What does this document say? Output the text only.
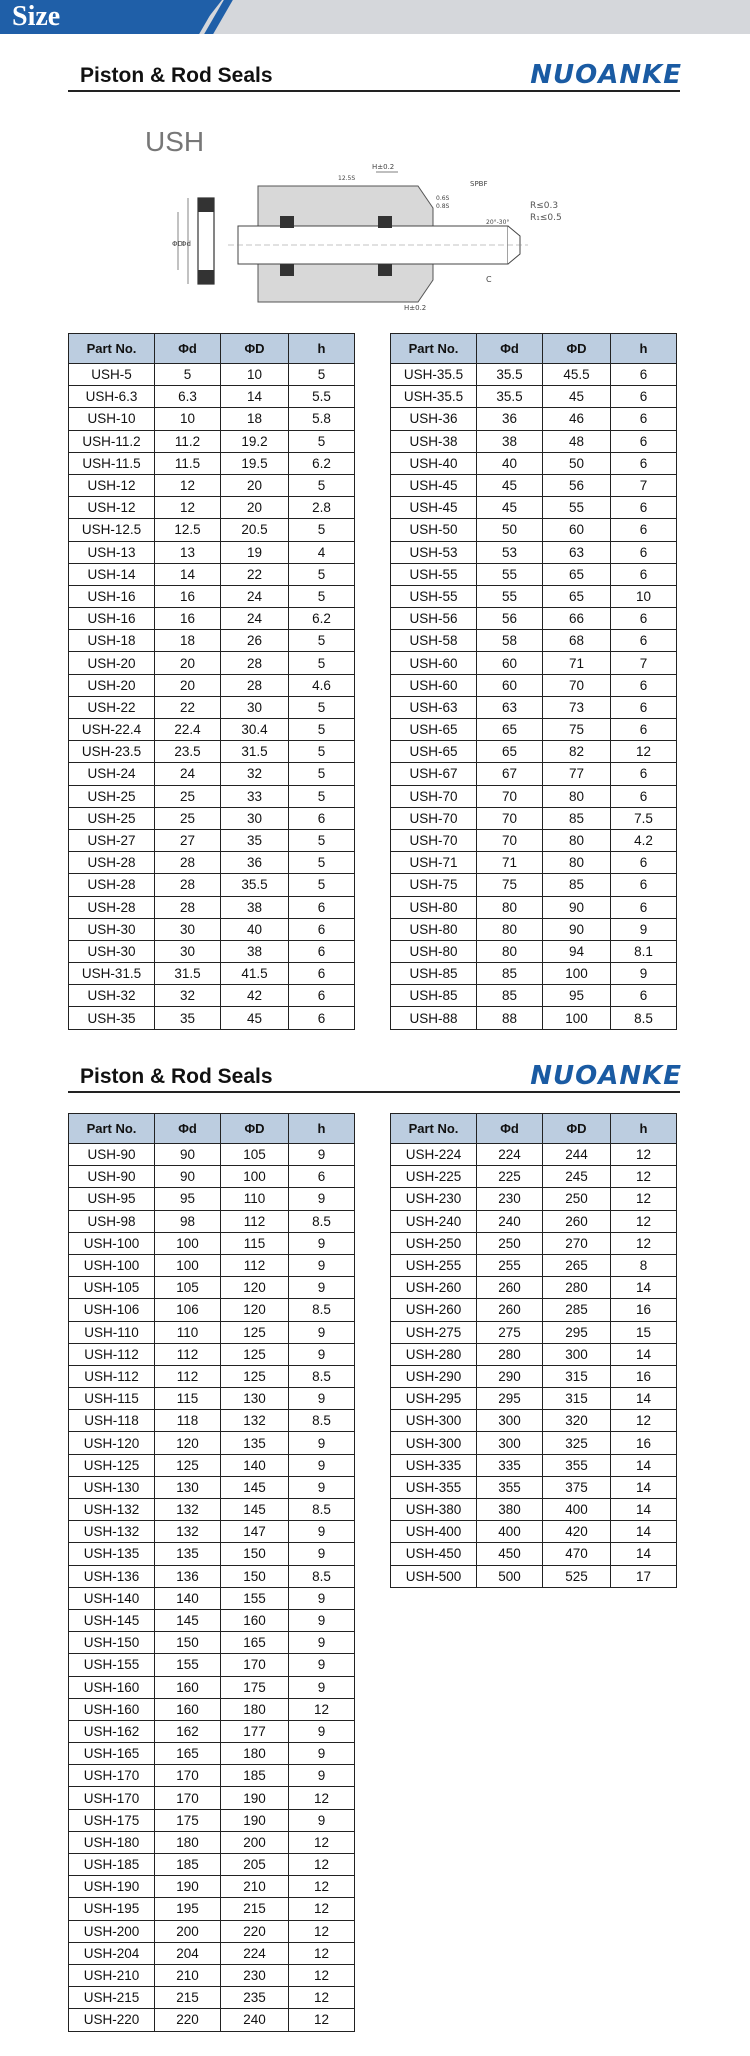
Size
Piston & Rod Seals	NUOANKE
USH
ΦD
Φd
H±0.2
H±0.2
SPBF
C
12.5S
0.6S
0.8S
20°-30°
R≤0.3
R₁≤0.5
Part No.	Φd	ΦD	h
USH-5	5	10	5
USH-6.3	6.3	14	5.5
USH-10	10	18	5.8
USH-11.2	11.2	19.2	5
USH-11.5	11.5	19.5	6.2
USH-12	12	20	5
USH-12	12	20	2.8
USH-12.5	12.5	20.5	5
USH-13	13	19	4
USH-14	14	22	5
USH-16	16	24	5
USH-16	16	24	6.2
USH-18	18	26	5
USH-20	20	28	5
USH-20	20	28	4.6
USH-22	22	30	5
USH-22.4	22.4	30.4	5
USH-23.5	23.5	31.5	5
USH-24	24	32	5
USH-25	25	33	5
USH-25	25	30	6
USH-27	27	35	5
USH-28	28	36	5
USH-28	28	35.5	5
USH-28	28	38	6
USH-30	30	40	6
USH-30	30	38	6
USH-31.5	31.5	41.5	6
USH-32	32	42	6
USH-35	35	45	6
Part No.	Φd	ΦD	h
USH-35.5	35.5	45.5	6
USH-35.5	35.5	45	6
USH-36	36	46	6
USH-38	38	48	6
USH-40	40	50	6
USH-45	45	56	7
USH-45	45	55	6
USH-50	50	60	6
USH-53	53	63	6
USH-55	55	65	6
USH-55	55	65	10
USH-56	56	66	6
USH-58	58	68	6
USH-60	60	71	7
USH-60	60	70	6
USH-63	63	73	6
USH-65	65	75	6
USH-65	65	82	12
USH-67	67	77	6
USH-70	70	80	6
USH-70	70	85	7.5
USH-70	70	80	4.2
USH-71	71	80	6
USH-75	75	85	6
USH-80	80	90	6
USH-80	80	90	9
USH-80	80	94	8.1
USH-85	85	100	9
USH-85	85	95	6
USH-88	88	100	8.5
Piston & Rod Seals	NUOANKE
Part No.	Φd	ΦD	h
USH-90	90	105	9
USH-90	90	100	6
USH-95	95	110	9
USH-98	98	112	8.5
USH-100	100	115	9
USH-100	100	112	9
USH-105	105	120	9
USH-106	106	120	8.5
USH-110	110	125	9
USH-112	112	125	9
USH-112	112	125	8.5
USH-115	115	130	9
USH-118	118	132	8.5
USH-120	120	135	9
USH-125	125	140	9
USH-130	130	145	9
USH-132	132	145	8.5
USH-132	132	147	9
USH-135	135	150	9
USH-136	136	150	8.5
USH-140	140	155	9
USH-145	145	160	9
USH-150	150	165	9
USH-155	155	170	9
USH-160	160	175	9
USH-160	160	180	12
USH-162	162	177	9
USH-165	165	180	9
USH-170	170	185	9
USH-170	170	190	12
USH-175	175	190	9
USH-180	180	200	12
USH-185	185	205	12
USH-190	190	210	12
USH-195	195	215	12
USH-200	200	220	12
USH-204	204	224	12
USH-210	210	230	12
USH-215	215	235	12
USH-220	220	240	12
Part No.	Φd	ΦD	h
USH-224	224	244	12
USH-225	225	245	12
USH-230	230	250	12
USH-240	240	260	12
USH-250	250	270	12
USH-255	255	265	8
USH-260	260	280	14
USH-260	260	285	16
USH-275	275	295	15
USH-280	280	300	14
USH-290	290	315	16
USH-295	295	315	14
USH-300	300	320	12
USH-300	300	325	16
USH-335	335	355	14
USH-355	355	375	14
USH-380	380	400	14
USH-400	400	420	14
USH-450	450	470	14
USH-500	500	525	17
